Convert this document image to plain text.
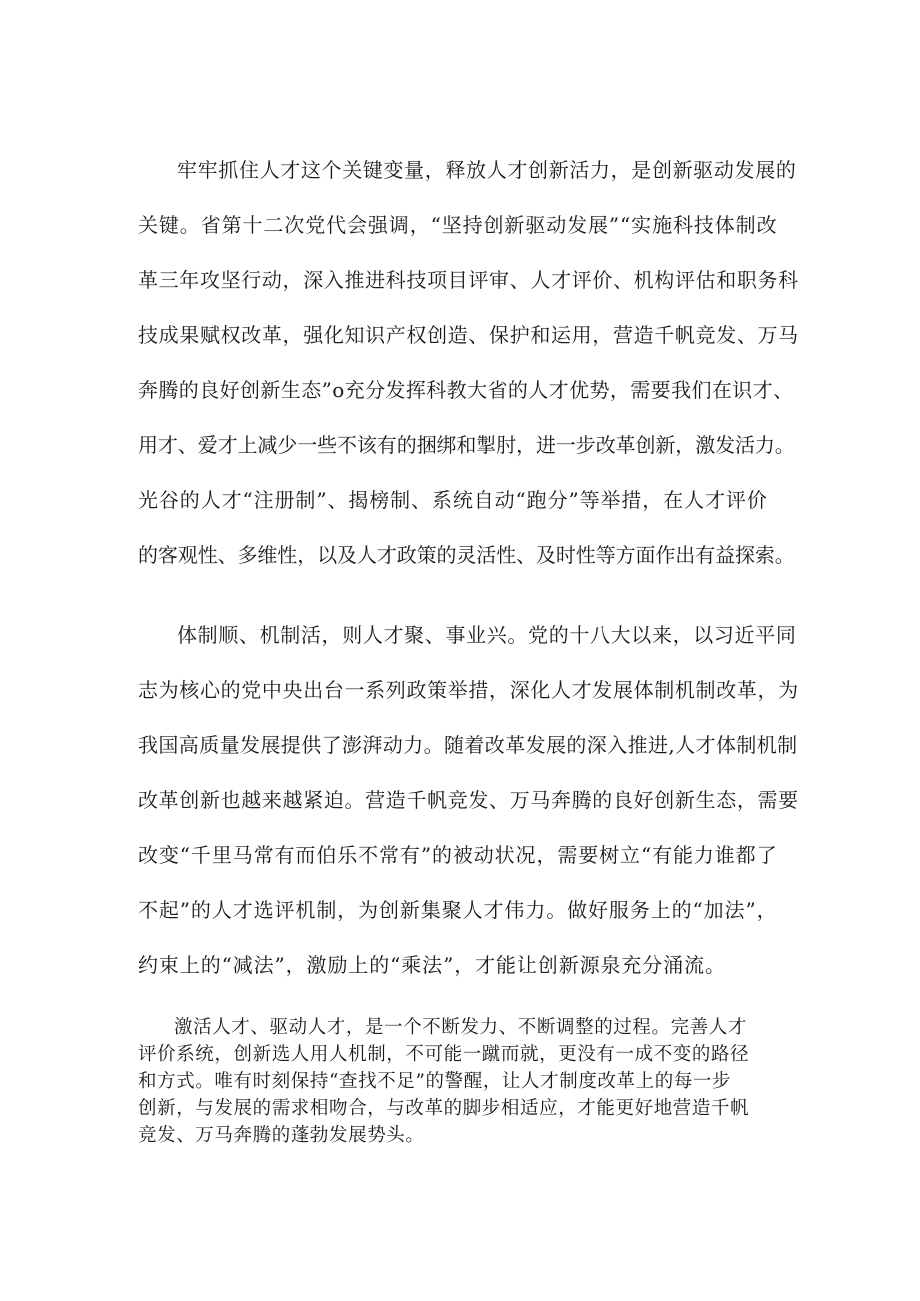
牢牢抓住人才这个关键变量，释放人才创新活力，是创新驱动发展的
关键。省第十二次党代会强调，“坚持创新驱动发展”“实施科技体制改
革三年攻坚行动，深入推进科技项目评审、人才评价、机构评估和职务科
技成果赋权改革，强化知识产权创造、保护和运用，营造千帆竞发、万马
奔腾的良好创新生态”o充分发挥科教大省的人才优势，需要我们在识才、
用才、爱才上减少一些不该有的捆绑和掣肘，进一步改革创新，激发活力。
光谷的人才“注册制”、揭榜制、系统自动“跑分”等举措，在人才评价
的客观性、多维性，以及人才政策的灵活性、及时性等方面作出有益探索。
体制顺、机制活，则人才聚、事业兴。党的十八大以来，以习近平同
志为核心的党中央出台一系列政策举措，深化人才发展体制机制改革，为
我国高质量发展提供了澎湃动力。随着改革发展的深入推进,人才体制机制
改革创新也越来越紧迫。营造千帆竞发、万马奔腾的良好创新生态，需要
改变“千里马常有而伯乐不常有”的被动状况，需要树立“有能力谁都了
不起”的人才选评机制，为创新集聚人才伟力。做好服务上的“加法”，
约束上的“减法”，激励上的“乘法”，才能让创新源泉充分涌流。
激活人才、驱动人才，是一个不断发力、不断调整的过程。完善人才
评价系统，创新选人用人机制，不可能一蹴而就，更没有一成不变的路径
和方式。唯有时刻保持“查找不足”的警醒，让人才制度改革上的每一步
创新，与发展的需求相吻合，与改革的脚步相适应，才能更好地营造千帆
竞发、万马奔腾的蓬勃发展势头。
